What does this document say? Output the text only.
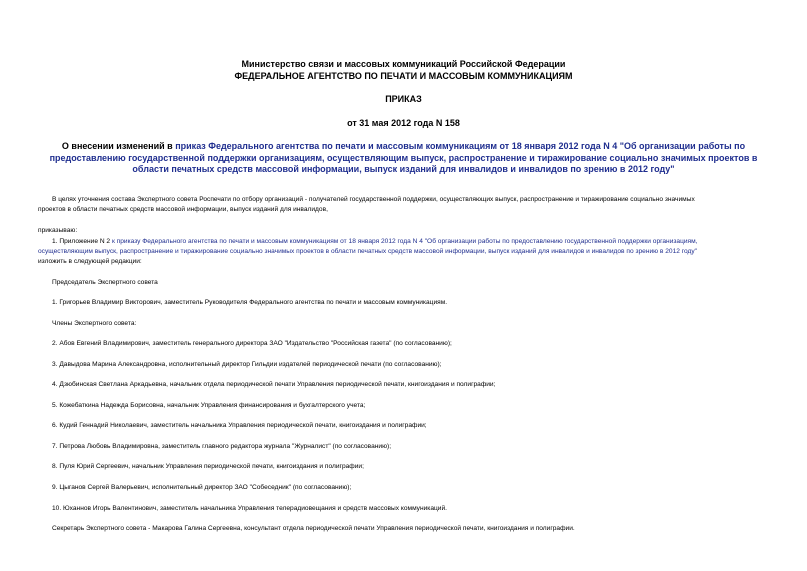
Министерство связи и массовых коммуникаций Российской Федерации
ФЕДЕРАЛЬНОЕ АГЕНТСТВО ПО ПЕЧАТИ И МАССОВЫМ КОММУНИКАЦИЯМ
ПРИКАЗ
от 31 мая 2012 года N 158
О внесении изменений в приказ Федерального агентства по печати и массовым коммуникациям от 18 января 2012 года N 4 "Об организации работы по предоставлению государственной поддержки организациям, осуществляющим выпуск, распространение и тиражирование социально значимых проектов в области печатных средств массовой информации, выпуск изданий для инвалидов и инвалидов по зрению в 2012 году"
В целях уточнения состава Экспертного совета Роспечати по отбору организаций - получателей государственной поддержки, осуществляющих выпуск, распространение и тиражирование социально значимых
проектов в области печатных средств массовой информации, выпуск изданий для инвалидов,
приказываю:
1. Приложение N 2 к приказу Федерального агентства по печати и массовым коммуникациям от 18 января 2012 года N 4 "Об организации работы по предоставлению государственной поддержки организациям,
осуществляющим выпуск, распространение и тиражирование социально значимых проектов в области печатных средств массовой информации, выпуск изданий для инвалидов и инвалидов по зрению в 2012 году"
изложить в следующей редакции:
Председатель Экспертного совета
1. Григорьев Владимир Викторович, заместитель Руководителя Федерального агентства по печати и массовым коммуникациям.
Члены Экспертного совета:
2. Абов Евгений Владимирович, заместитель генерального директора ЗАО "Издательство "Российская газета" (по согласованию);
3. Давыдова Марина Александровна, исполнительный директор Гильдии издателей периодической печати (по согласованию);
4. Дзюбинская Светлана Аркадьевна, начальник отдела периодической печати Управления периодической печати, книгоиздания и полиграфии;
5. Кожебаткина Надежда Борисовна, начальник Управления финансирования и бухгалтерского учета;
6. Кудий Геннадий Николаевич, заместитель начальника Управления периодической печати, книгоиздания и полиграфии;
7. Петрова Любовь Владимировна, заместитель главного редактора журнала "Журналист" (по согласованию);
8. Пуля Юрий Сергеевич, начальник Управления периодической печати, книгоиздания и полиграфии;
9. Цыганов Сергей Валерьевич, исполнительный директор ЗАО "Собеседник" (по согласованию);
10. Юханнов Игорь Валентинович, заместитель начальника Управления телерадиовещания и средств массовых коммуникаций.
Секретарь Экспертного совета - Макарова Галина Сергеевна, консультант отдела периодической печати Управления периодической печати, книгоиздания и полиграфии.
